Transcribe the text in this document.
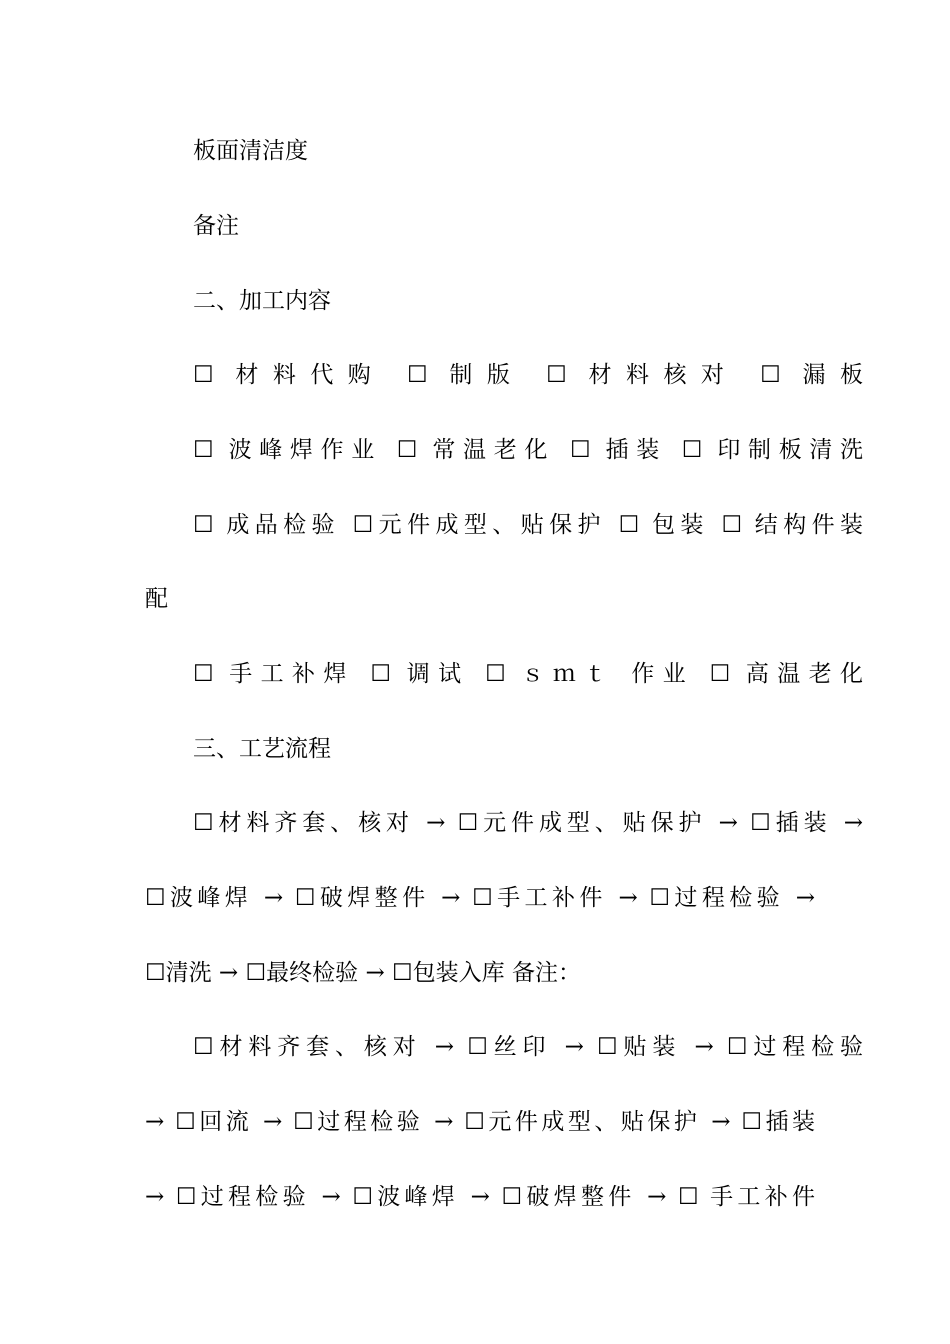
板面清洁度
备注
二、加工内容
☐ 材料代购 ☐ 制版 ☐ 材料核对 ☐ 漏板
☐ 波峰焊作业 ☐ 常温老化 ☐ 插装 ☐ 印制板清洗
☐ 成品检验 ☐元件成型、贴保护 ☐ 包装 ☐ 结构件装
配
☐ 手工补焊 ☐ 调试 ☐ ｓｍｔ 作业 ☐ 高温老化
三、工艺流程
☐材料齐套、核对 → ☐元件成型、贴保护 → ☐插装 →
☐波峰焊 → ☐破焊整件 → ☐手工补件 → ☐过程检验 →
☐清洗 → ☐最终检验 → ☐包装入库 备注：
☐材料齐套、核对 → ☐丝印 → ☐贴装 → ☐过程检验
→ ☐回流 → ☐过程检验 → ☐元件成型、贴保护 → ☐插装
→ ☐过程检验 → ☐波峰焊 → ☐破焊整件 → ☐ 手工补件
